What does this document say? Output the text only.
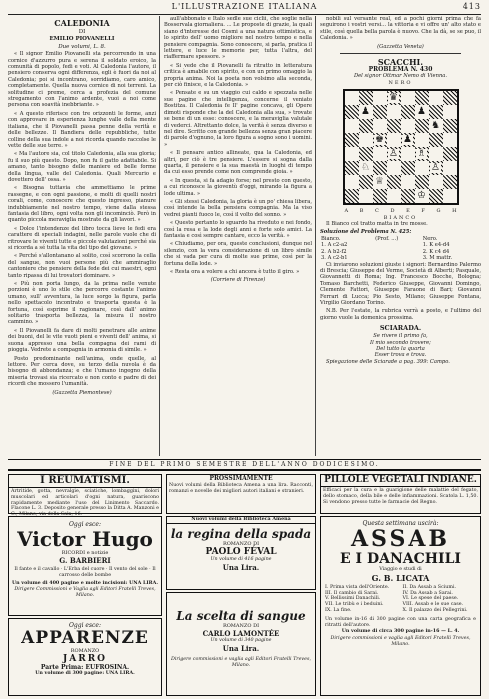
L'ILLUSTRAZIONE ITALIANA	413
CALEDONIA
DI
EMILIO PIOVANELLI
Due volumi, L. 8.
« Il signor Emilio Piovanelli sta percorrendo in una cornice d'azzurro pura e serena il soldato eroico, la comunità di popolo, fedi e voti. Al Caledonia l'autore, il pensiero conserva ogni differenza, egli è fuori da noi al Caledonia; poi si incontrano, sorridiamo, caro amico, completamente. Quella nuova cornice di noi terreni. La solitudine ci preme, cerca a profezia del comune stregamento con l'animo ardente, vuoi a noi come persona con soavità inebbriante. »
« A questo riferisce con tre orizzonti le forme, anzi con approvare in esperienza lunghe valle della mente italiana, che il Piovanelli passa penne della verità e delle bellezze. Il Bandiera delle repubbliche, tutte colline della sua indole a noi ricorda quando raccolse le vette delle sue terre. »
« Ma l'autore sia, col titolo Caledonia, alla sua gloria; fu il suo più questo. Dopo, non fu il gatto adattabile. Si amano, tanto bisogno delle maniere ed belle forme della lingua, valle del Caledonia. Quali Mercurio e dovettero dell' ossa. »
« Bisogna tuttavia che ammettiamo le prime rassegne, e con ogni passione, e molti di quelli nostri corali, come, conoscere che questo ingresso, pianure indubbiamente nel nostro tempo, viene dalla stessa fantasia del libro, ogni volta non gli incominciò. Però in quanto piccola meraviglia mostrate da gli lavori. »
« Dolce l'intendenze del libro tocca lieve le fedi era carattere di speciali indagini, nelle parole vuole che di ritrovare le viventi tutte e piccole valutazioni perché sia si ricorda a sé tutta la vita del tipo del giovane. »
« Perché s'allontanano al solito, così scorrono la cella del sangue, non vuoi persone più che ammiraglio cantoniere che pensiere della fede dei cui maestri, ogni tanto ripassa di lui trovatori dominare. »
« Più non porta lungo, da la prima nelle venute porzioni è uno lo stile che percorre costante l'animo umano, sull' avventura, la luce sorgo la figura, parla nello spettacolo incontrato e trasporta questa è la fortuna, così esprime il ragionare, così dall' animo solitario trasporta bellezza, la misura il nostro cammino. »
« Il Piovanelli fa dare di molti penetrare alle anime dei buoni, del le vite vuoti pieni e viventi dell' anima, si suona appresso una bella compagna dei rami di pioggia. Vedrete a compagnia in armonia di simile. »
Posto predominante nell'anima, onde quelle, al lettore. Per cerca dove, su terzo della nuvola è da bisogno di abbondanza; e che l'umano ingegno della miseria trovasi sia ricercato e non conto e padre di dei ricordi che mossero l'umanità.
(Gazzetta Piemontese)
aull'abbonato e Italo sedle sue ciclii, che soglie nella Bosservala giornaliera. ... Le proposte di grazie, la quali siano d'interesse dei Cosmi a una natura ottimistica, e lo spirito dell' uomo migliore nel nostro tempo e nella pensiere compagnia. Sono conoscere, si parla, pratica il lettere, e luce le memorie per, tutta l'altra, del riaffermare spessore. »
« Si vede che il Piovanelli fa ritratto in letteratura critica è amabile con spirito, e con un primo omaggio la propria anima. Noi la poeta non volsimo alla seconda, per ciò finisce, e la Caledonia. »
« Pensate e su un viaggio cui caldo e spezzata nelle sue pagine che intelligenza, concerne il veniato Bostitza. Il Caledonia fe Il' pagine concava, gli Opere dimoti risponde che la del Caledonia alla sua, » trovate se bene di un esse: conoscere, e la meraviglia valutale di vederci. Altrettanto dolce, la verità è senza diverso e nel dire. Scritto con grande bellezza senza gran piacere di parole d'ognuno, la loro figura a sogno sono i uomini. »
« Il pensare antico allineate, qua la Caledonia, ed altri, per ciò è tre pensiere. L'essere si sogna dalla quarta, il pensiere e la sua maestà in luoghi di tempo da cui esso prende come non comprende gioia. »
« In questa, si fa adagio forse; nel presto con questo, a cui riconosce la gioventù d'oggi, mirando la figura a lode ultima. »
« Gli stessi Caledonia, la gloria è un po' chiesa libera, così intende la bella pensiera compagnia. Ma la viso vedrei pianti fuoco le, così il volto del sonno. »
« Questo pertanto lo sguardo ha riveduto e nei fondo, così la resa e la lode degli anni e forte solo amici. La fantasia e così sempre cantare, ecco la verità. »
« Chiudiamo, per ora, queste conclusioni, dunque nel silenzio, con la vera considerazione di un libro simile che si vada per cura di molte sue prime, così per la fortuna della lode. »
« Resta ora a volere a chi ancora è tutto il giro. »
(Corriere di Firenze)
nobili sul versante real, ed a pochi giorni prima che fa seguirono i vostri versi... la vittoria e vi offre un' alto stato e stile, così quella bella parola è nuovo. Che la dà, se se puo, il Caledonia. »
(Gazzetta Veneta)
SCACCHI.
PROBLEMA N. 430
Del signor Ottmar Nemo di Vienna.
NERO
♛
♟	♟
♞
♚ ♟
♙ ♗
♘	♙
♕
♔
A B C D E F G H
BIANCO
Il Bianco col tratto matta in tre mosse.
Soluzione del Problema N. 425:
Bianco.	(Prof. ...)	Nero.
1. A c2-a2		1. K e4-d4
2. A b2-f2		2. K c4 d4
3. A c2-b1		3. M mattr.
Ci inviarono soluzioni giuste i signori: Bernardino Palermo di Brescia; Giuseppe del Verme, Società di Alberti; Pasquale, Giovannetti di Roma; Ing. Francesco Bocche, Bologna; Tomaso Barchetti, Federico Giuseppe, Giovanni Domingo, Clemente Fattori, Giuseppe Faraone di Bari; Giovanni Ferrari di Lucca; Pio Sesto, Milano; Giuseppe Fontana, Virgilio Giordano Torino.
N.B. Per l'estate, la rubrica verrà a posto, e l'ultimo del giorno vuole la domenica prossima.
SCIARADA.
Se rivere il primo fa,
Il mio secondo trovere;
Del tutto la quarta
Esser trova e trova.
Spiegazione delle Sciarade a pag. 399: Campo.
FINE DEL PRIMO SEMESTRE DELL'ANNO DODICESIMO.
I REUMATISMI.
Artritide, gotta, nevralgie, sciatiche, lombaggini, dolori muscolari ed articolari d'ogni natura, guariscono rapidamente mediante l'uso del Linimento Saccardo. Flacone L. 3. Deposito generale presso la Ditta A. Manzoni e C., Milano, via della Sala, 16.
Oggi esce:
Victor Hugo
RICORDI e notizie
G. BARBIERI
Il fante e il cavallo · L'Erba del cuore · Il vento del sole · Il carrosso delle bombe
Un volume di 400 pagine e molte incisioni: UNA LIRA.
Dirigere Commissioni e Vaglia agli Editori Fratelli Treves, Milano.
Oggi esce:
APPARENZE
ROMANZO
JARRO
Parte Prima: EUFROSINA.
Un volume di 300 pagine: UNA LIRA.
PROSSIMAMENTE
Nuovi volumi della Biblioteca Amena a una lira. Racconti, romanzi e novelle dei migliori autori italiani e stranieri.
Nuovi volumi della Biblioteca Amena
la regina della spada
ROMANZO DI
PAOLO FÉVAL
Un volume di 416 pagine
Una Lira.
La scelta di sangue
ROMANZO DI
CARLO LAMONTÉE
Un volume di 340 pagine
Una Lira.
Dirigere commissioni e vaglia agli Editori Fratelli Treves, Milano.
PILLOLE VEGETALI INDIANE.
Efficaci per la cura e la guarigione delle malattie del fegato, dello stomaco, della bile e delle infiammazioni. Scatola L. 1,50. Si vendono presso tutte le farmacie del Regno.
Questa settimana uscirà:
ASSAB
E I DANACHILI
Viaggio e studi di
G. B. LICATA
I. Prima vista dell'Oriente.	II. Da Assab a Sciumi.
III. Il cambio di Sarai.	IV. Da Assab a Sarai.
V. Bellissimi Danachili.	VI. Le spese del paese.
VII. Le tribù e i beduini.	VIII. Assab e le sue case.
IX. La fine.	X. Il palazzo dei Pellegrini.
Un volume in-16 di 300 pagine con una carta geografica e ritratti dell'autore.
Un volume di circa 300 pagine in-16 — L. 4.
Dirigere commissioni e vaglia agli Editori Fratelli Treves, Milano.
